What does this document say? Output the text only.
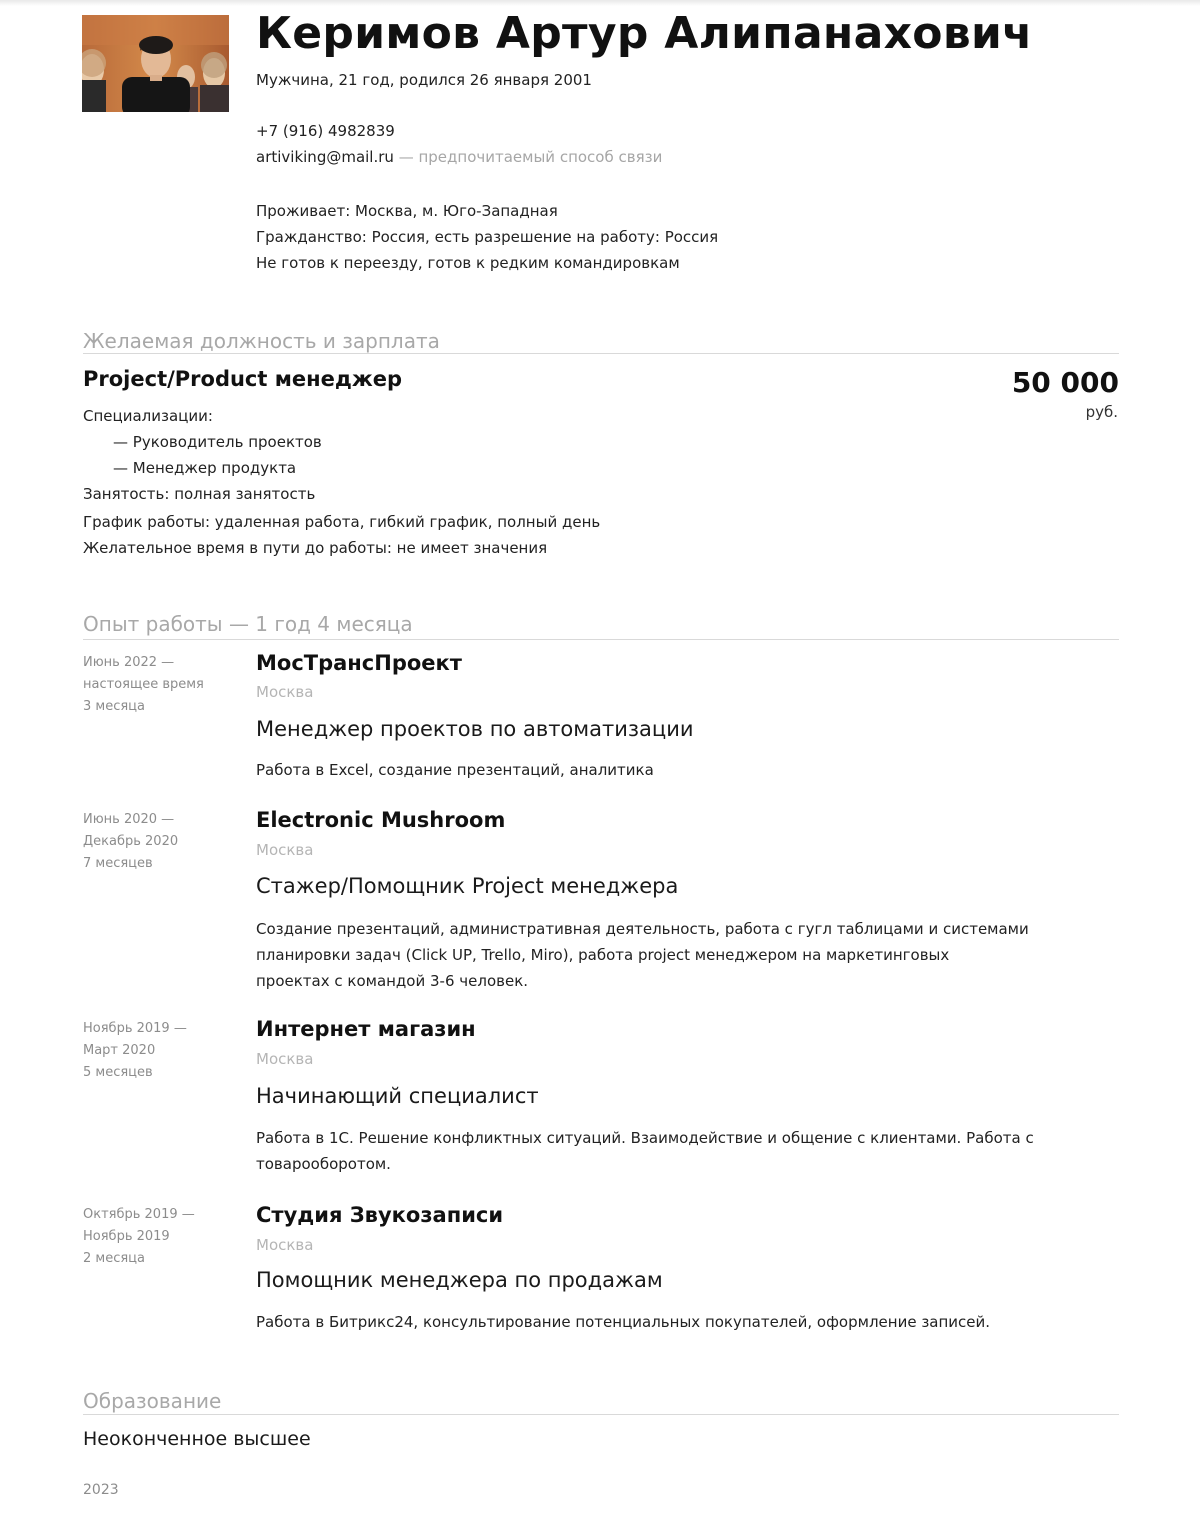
Керимов Артур Алипанахович
Мужчина, 21 год, родился 26 января 2001
+7 (916) 4982839
artiviking@mail.ru — предпочитаемый способ связи
Проживает: Москва, м. Юго-Западная
Гражданство: Россия, есть разрешение на работу: Россия
Не готов к переезду, готов к редким командировкам
Желаемая должность и зарплата
Project/Product менеджер	50 000
руб.
Специализации:
— Руководитель проектов
— Менеджер продукта
Занятость: полная занятость
График работы: удаленная работа, гибкий график, полный день
Желательное время в пути до работы: не имеет значения
Опыт работы — 1 год 4 месяца
Июнь 2022 —
настоящее время
3 месяца
МосТрансПроект
Москва
Менеджер проектов по автоматизации
Работа в Excel, создание презентаций, аналитика
Июнь 2020 —
Декабрь 2020
7 месяцев
Electronic Mushroom
Москва
Стажер/Помощник Project менеджера
Создание презентаций, административная деятельность, работа с гугл таблицами и системами
планировки задач (Click UP, Trello, Miro), работа project менеджером на маркетинговых
проектах с командой 3-6 человек.
Ноябрь 2019 —
Март 2020
5 месяцев
Интернет магазин
Москва
Начинающий специалист
Работа в 1С. Решение конфликтных ситуаций. Взаимодействие и общение с клиентами. Работа с
товарооборотом.
Октябрь 2019 —
Ноябрь 2019
2 месяца
Студия Звукозаписи
Москва
Помощник менеджера по продажам
Работа в Битрикс24, консультирование потенциальных покупателей, оформление записей.
Образование
Неоконченное высшее
2023
